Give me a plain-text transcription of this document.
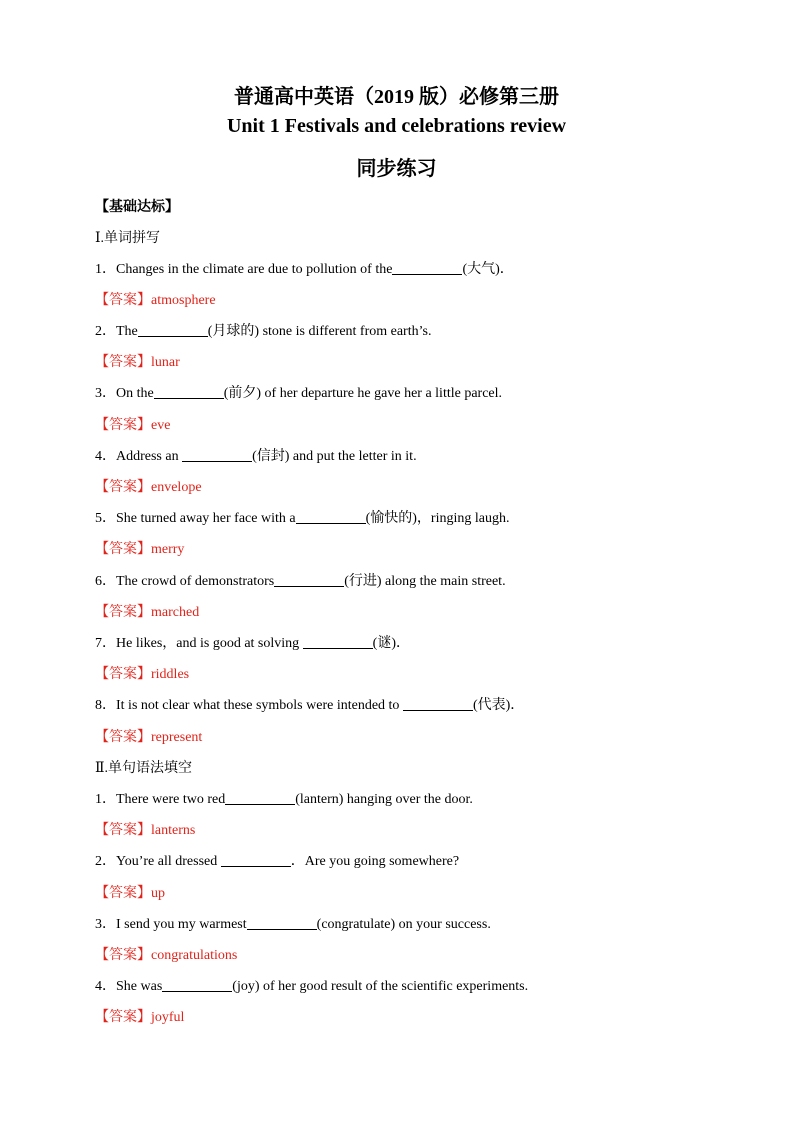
普通高中英语（2019 版）必修第三册
Unit 1 Festivals and celebrations review
同步练习
【基础达标】
Ⅰ.单词拼写
1．Changes in the climate are due to pollution of the	(大气)．
【答案】atmosphere
2．The	(月球的) stone is different from earth’s.
【答案】lunar
3．On the	(前夕) of her departure he gave her a little parcel.
【答案】eve
4．Address an	(信封) and put the letter in it.
【答案】envelope
5．She turned away her face with a	(愉快的)，ringing laugh.
【答案】merry
6．The crowd of demonstrators	(行进) along the main street.
【答案】marched
7．He likes，and is good at solving	(谜)．
【答案】riddles
8．It is not clear what these symbols were intended to	(代表)．
【答案】represent
Ⅱ.单句语法填空
1．There were two red	(lantern) hanging over the door.
【答案】lanterns
2．You’re all dressed	．Are you going somewhere?
【答案】up
3．I send you my warmest	(congratulate) on your success.
【答案】congratulations
4．She was	(joy) of her good result of the scientific experiments.
【答案】joyful
